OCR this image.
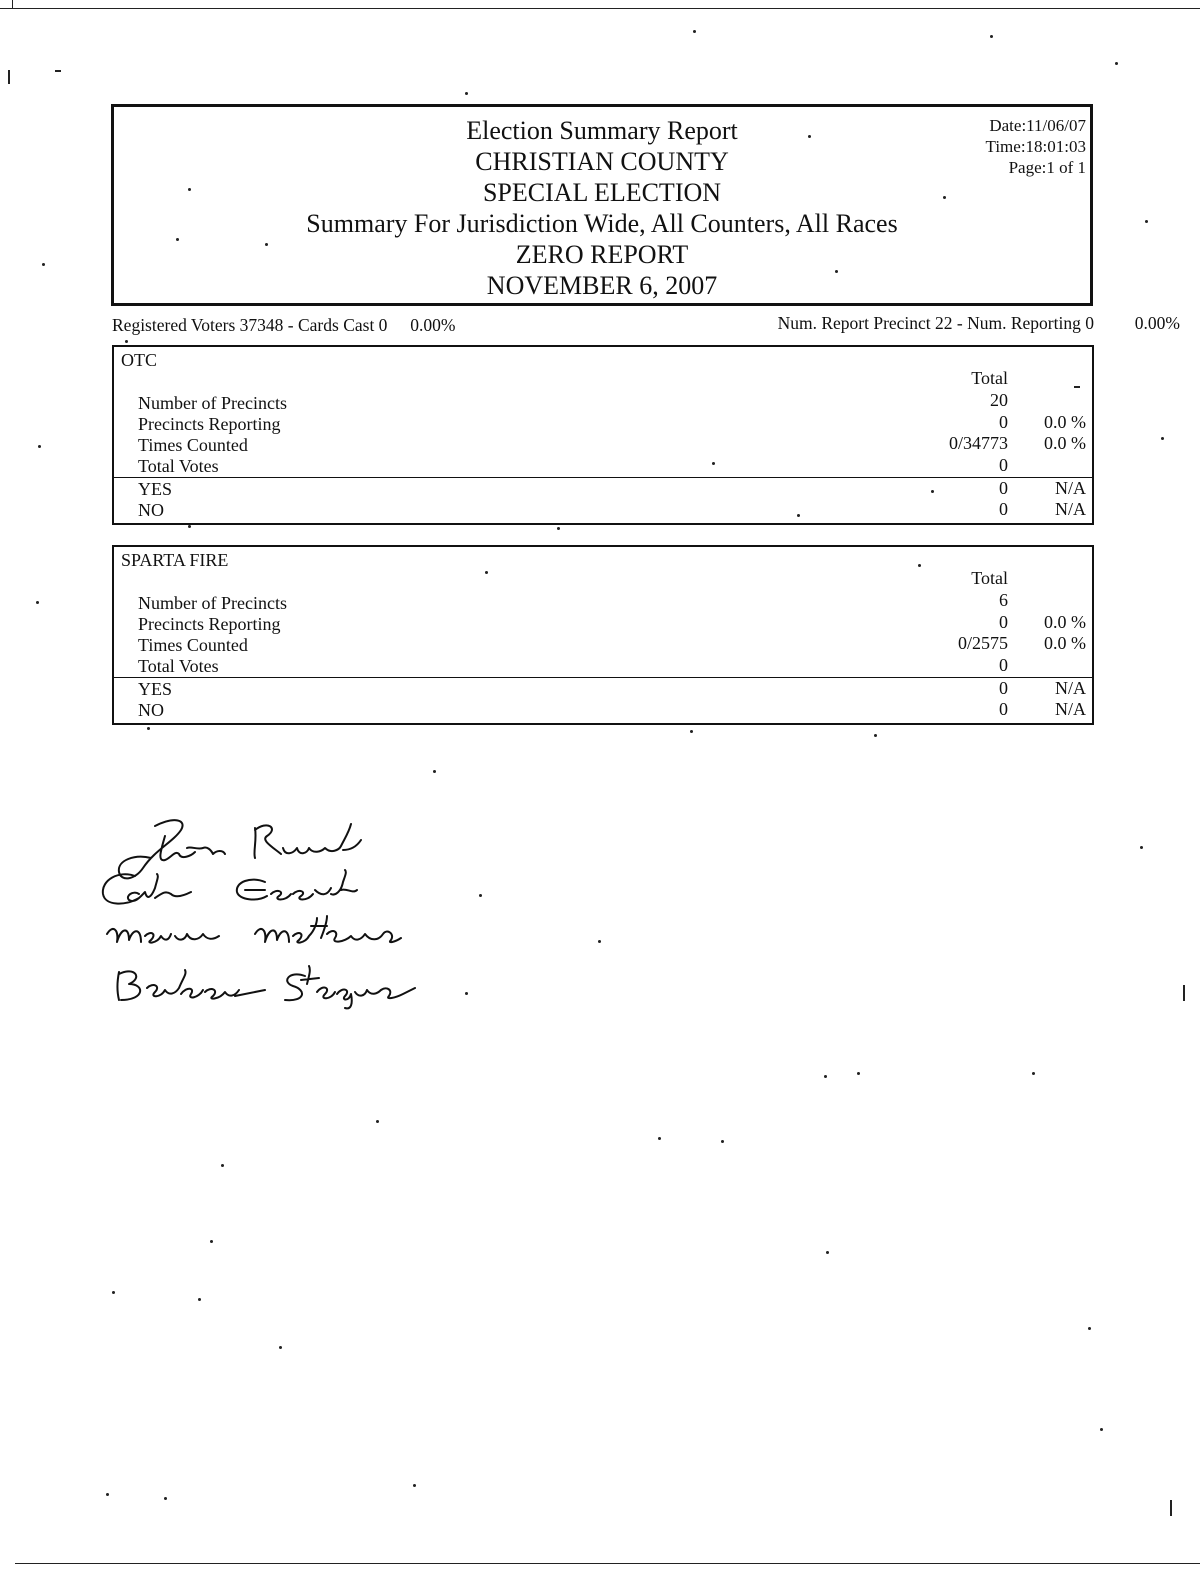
Election Summary Report
CHRISTIAN COUNTY
SPECIAL ELECTION
Summary For Jurisdiction Wide, All Counters, All Races
ZERO REPORT
NOVEMBER 6, 2007
Date:11/06/07
Time:18:01:03
Page:1 of 1
Registered Voters 37348 - Cards Cast 0 0.00%	Num. Report Precinct 22 - Num. Reporting 0 0.00%
OTC
Total
Number of Precincts	20
Precincts Reporting	0 0.0 %
Times Counted	0/34773 0.0 %
Total Votes	0
YES	0	N/A
NO	0	N/A
SPARTA FIRE
Total
Number of Precincts	6
Precincts Reporting	0 0.0 %
Times Counted	0/2575 0.0 %
Total Votes	0
YES	0	N/A
NO	0	N/A
